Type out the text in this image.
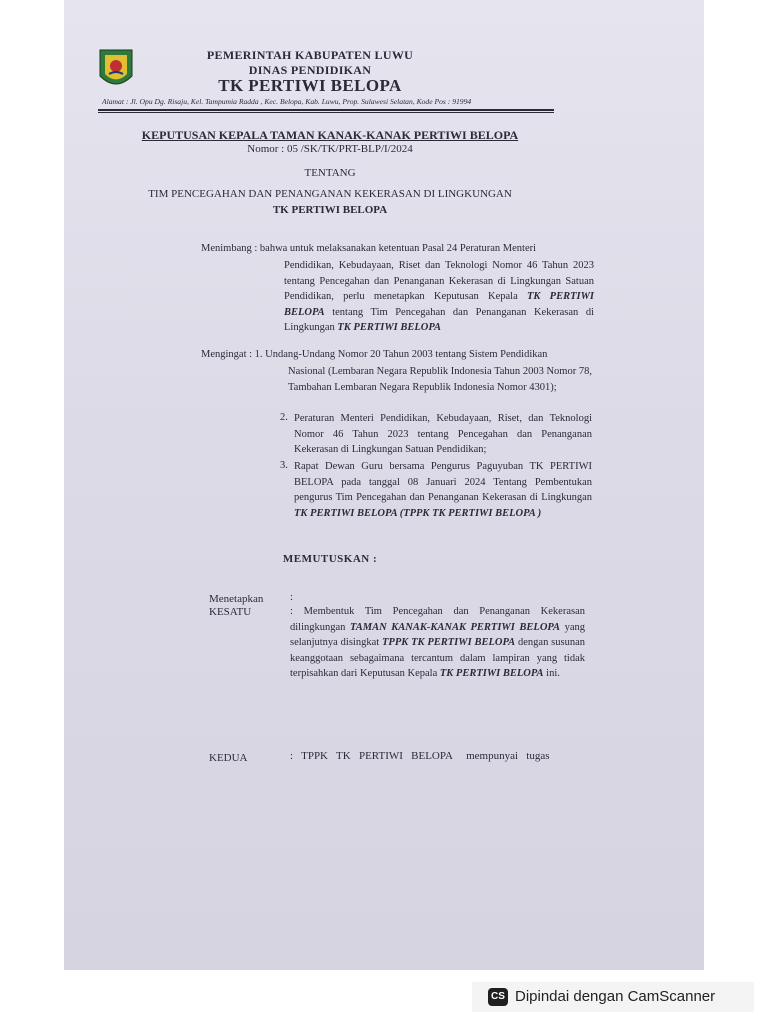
PEMERINTAH KABUPATEN LUWU
DINAS PENDIDIKAN
TK PERTIWI BELOPA
Alamat : Jl. Opu Dg. Risaju, Kel. Tampumia Radda , Kec. Belopa, Kab. Luwu, Prop. Sulawesi Selatan, Kode Pos : 91994
KEPUTUSAN KEPALA TAMAN KANAK-KANAK PERTIWI BELOPA
Nomor : 05 /SK/TK/PRT-BLP/I/2024
TENTANG
TIM PENCEGAHAN DAN PENANGANAN KEKERASAN DI LINGKUNGAN
TK PERTIWI BELOPA
Menimbang : bahwa untuk melaksanakan ketentuan Pasal 24 Peraturan Menteri
Pendidikan, Kebudayaan, Riset dan Teknologi Nomor 46 Tahun 2023 tentang Pencegahan dan Penanganan Kekerasan di Lingkungan Satuan Pendidikan, perlu menetapkan Keputusan Kepala TK PERTIWI BELOPA tentang Tim Pencegahan dan Penanganan Kekerasan di Lingkungan TK PERTIWI BELOPA
Mengingat : 1. Undang-Undang Nomor 20 Tahun 2003 tentang Sistem Pendidikan
Nasional (Lembaran Negara Republik Indonesia Tahun 2003 Nomor 78, Tambahan Lembaran Negara Republik Indonesia Nomor 4301);
2. Peraturan Menteri Pendidikan, Kebudayaan, Riset, dan Teknologi Nomor 46 Tahun 2023 tentang Pencegahan dan Penanganan Kekerasan di Lingkungan Satuan Pendidikan;
3. Rapat Dewan Guru bersama Pengurus Paguyuban TK PERTIWI BELOPA pada tanggal 08 Januari 2024 Tentang Pembentukan pengurus Tim Pencegahan dan Penanganan Kekerasan di Lingkungan TK PERTIWI BELOPA (TPPK TK PERTIWI BELOPA )
MEMUTUSKAN :
Menetapkan :
KESATU	: Membentuk Tim Pencegahan dan Penanganan Kekerasan dilingkungan TAMAN KANAK-KANAK PERTIWI BELOPA yang selanjutnya disingkat TPPK TK PERTIWI BELOPA dengan susunan keanggotaan sebagaimana tercantum dalam lampiran yang tidak terpisahkan dari Keputusan Kepala TK PERTIWI BELOPA ini.
KEDUA	:   TPPK   TK   PERTIWI   BELOPA     mempunyai   tugas
CS Dipindai dengan CamScanner
